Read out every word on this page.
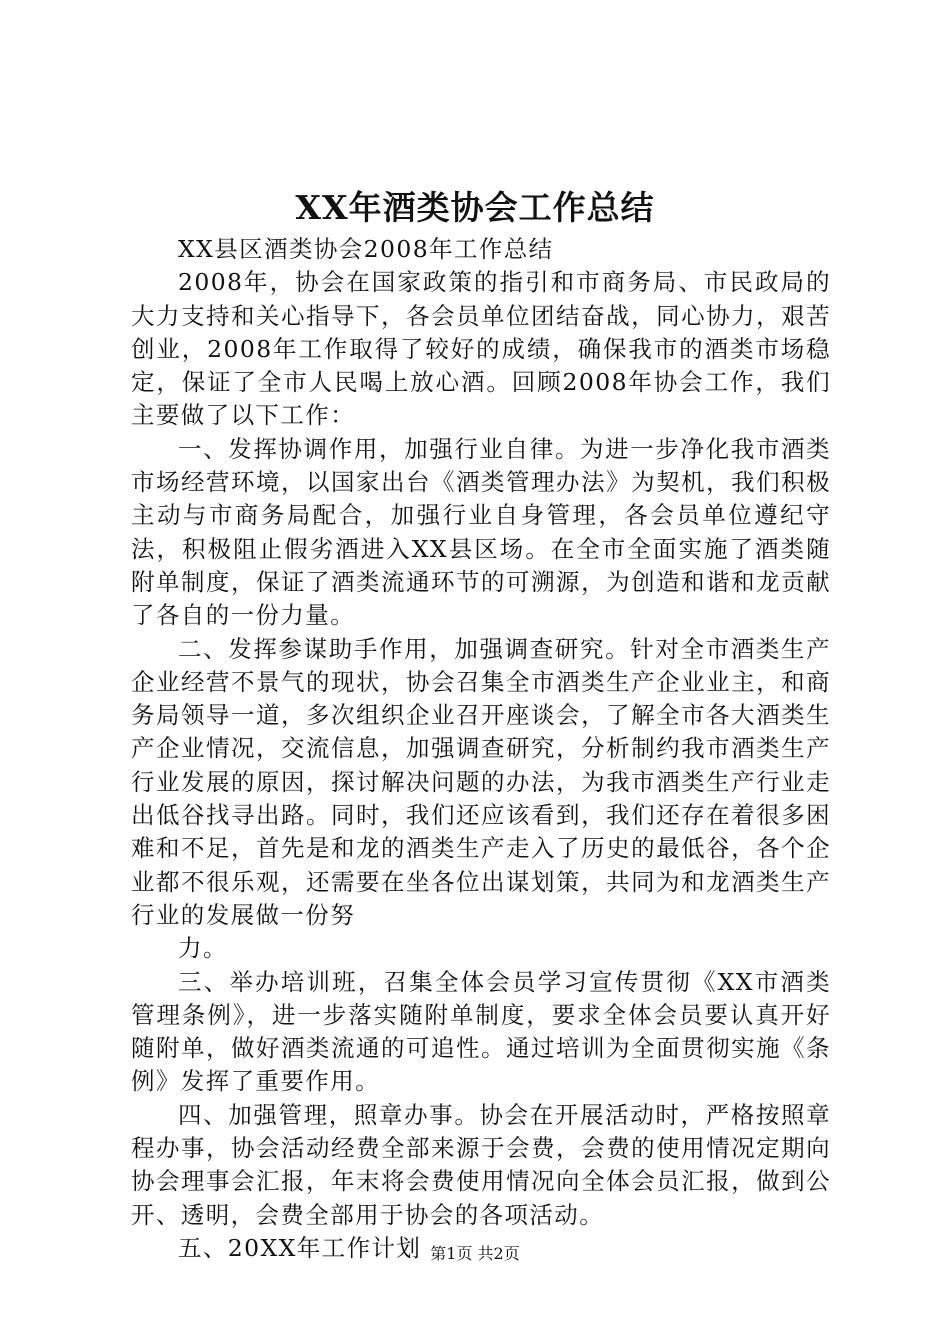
XX年酒类协会工作总结

XX县区酒类协会2008年工作总结

2008年，协会在国家政策的指引和市商务局、市民政局的大力支持和关心指导下，各会员单位团结奋战，同心协力，艰苦创业，2008年工作取得了较好的成绩，确保我市的酒类市场稳定，保证了全市人民喝上放心酒。回顾2008年协会工作，我们主要做了以下工作：

一、发挥协调作用，加强行业自律。为进一步净化我市酒类市场经营环境，以国家出台《酒类管理办法》为契机，我们积极主动与市商务局配合，加强行业自身管理，各会员单位遵纪守法，积极阻止假劣酒进入XX县区场。在全市全面实施了酒类随附单制度，保证了酒类流通环节的可溯源，为创造和谐和龙贡献了各自的一份力量。

二、发挥参谋助手作用，加强调查研究。针对全市酒类生产企业经营不景气的现状，协会召集全市酒类生产企业业主，和商务局领导一道，多次组织企业召开座谈会，了解全市各大酒类生产企业情况，交流信息，加强调查研究，分析制约我市酒类生产行业发展的原因，探讨解决问题的办法，为我市酒类生产行业走出低谷找寻出路。同时，我们还应该看到，我们还存在着很多困难和不足，首先是和龙的酒类生产走入了历史的最低谷，各个企业都不很乐观，还需要在坐各位出谋划策，共同为和龙酒类生产行业的发展做一份努

力。

三、举办培训班，召集全体会员学习宣传贯彻《XX市酒类管理条例》，进一步落实随附单制度，要求全体会员要认真开好随附单，做好酒类流通的可追性。通过培训为全面贯彻实施《条例》发挥了重要作用。

四、加强管理，照章办事。协会在开展活动时，严格按照章程办事，协会活动经费全部来源于会费，会费的使用情况定期向协会理事会汇报，年末将会费使用情况向全体会员汇报，做到公开、透明，会费全部用于协会的各项活动。

五、20XX年工作计划 第1页 共2页
